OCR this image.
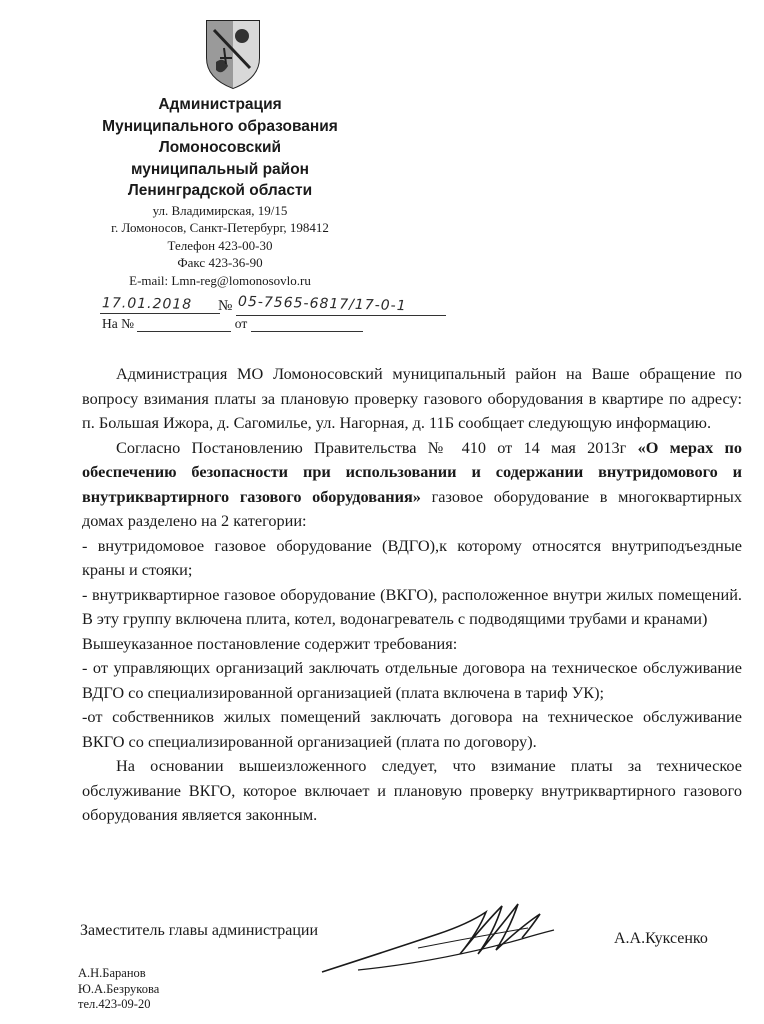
Администрация

Муниципального образования

Ломоносовский

муниципальный район

Ленинградской области

ул. Владимирская, 19/15

г. Ломоносов, Санкт-Петербург, 198412

Телефон 423-00-30

Факс 423-36-90

E-mail: Lmn-reg@lomonosovlo.ru

17.01.2018 № 05-7565-6817/17-0-1
На №	от

Администрация МО Ломоносовский муниципальный район на Ваше обращение по вопросу взимания платы за плановую проверку газового оборудования в квартире по адресу: п. Большая Ижора, д. Сагомилье, ул. Нагорная, д. 11Б сообщает следующую информацию.

Согласно Постановлению Правительства № 410 от 14 мая 2013г «О мерах по обеспечению безопасности при использовании и содержании внутридомового и внутриквартирного газового оборудования» газовое оборудование в многоквартирных домах разделено на 2 категории:

- внутридомовое газовое оборудование (ВДГО),к которому относятся внутриподъездные краны и стояки;

- внутриквартирное газовое оборудование (ВКГО), расположенное внутри жилых помещений. В эту группу включена плита, котел, водонагреватель с подводящими трубами и кранами)

Вышеуказанное постановление содержит требования:

- от управляющих организаций заключать отдельные договора на техническое обслуживание ВДГО со специализированной организацией (плата включена в тариф УК);

-от собственников жилых помещений заключать договора на техническое обслуживание ВКГО со специализированной организацией (плата по договору).

На основании вышеизложенного следует, что взимание платы за техническое обслуживание ВКГО, которое включает и плановую проверку внутриквартирного газового оборудования является законным.

Заместитель главы администрации	А.А.Куксенко

А.Н.Баранов

Ю.А.Безрукова

тел.423-09-20
